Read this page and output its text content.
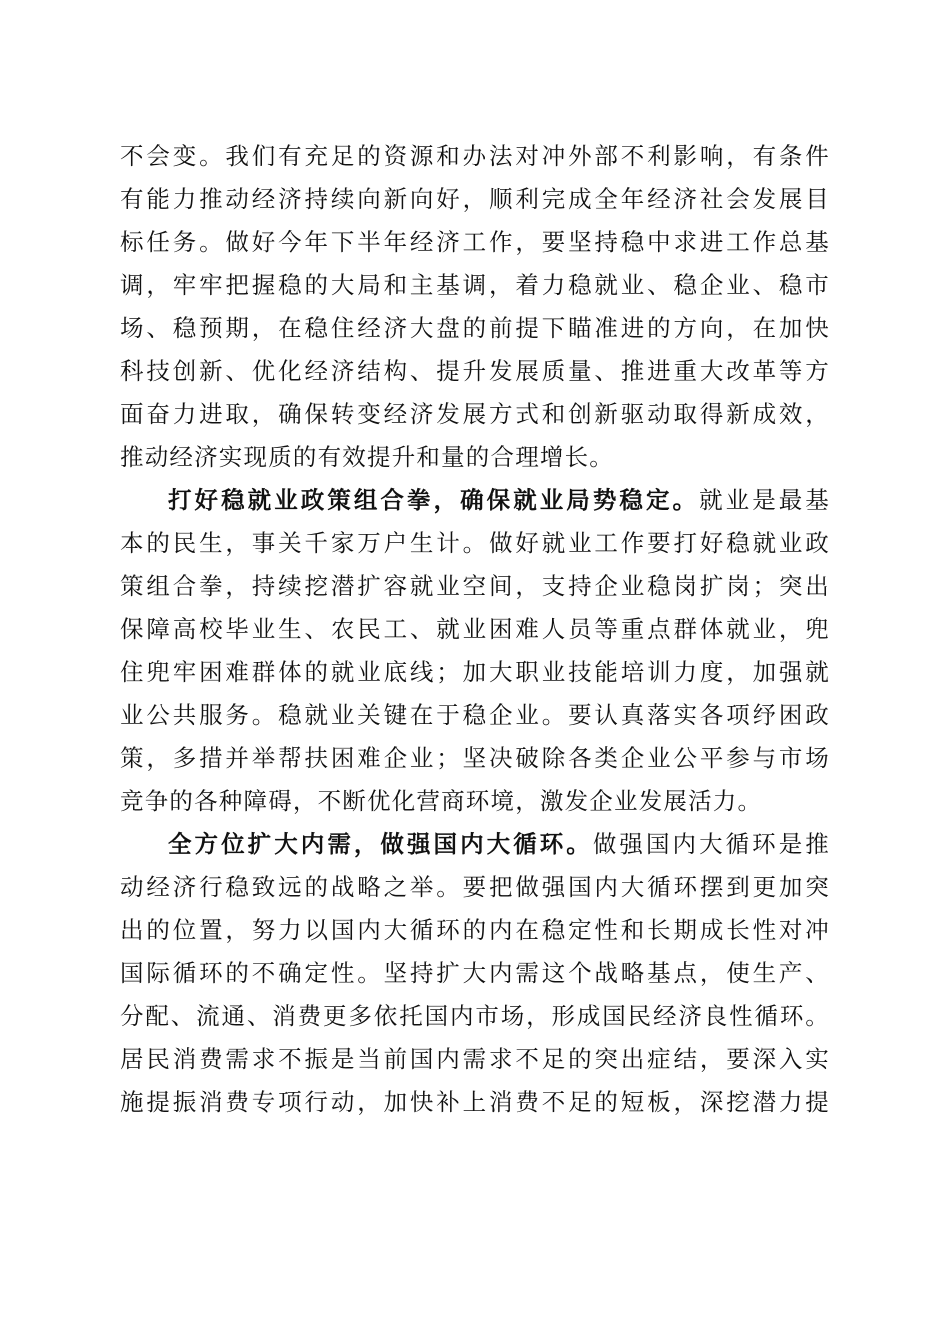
不会变。我们有充足的资源和办法对冲外部不利影响，有条件
有能力推动经济持续向新向好，顺利完成全年经济社会发展目
标任务。做好今年下半年经济工作，要坚持稳中求进工作总基
调，牢牢把握稳的大局和主基调，着力稳就业、稳企业、稳市
场、稳预期，在稳住经济大盘的前提下瞄准进的方向，在加快
科技创新、优化经济结构、提升发展质量、推进重大改革等方
面奋力进取，确保转变经济发展方式和创新驱动取得新成效，
推动经济实现质的有效提升和量的合理增长。
打好稳就业政策组合拳，确保就业局势稳定。就业是最基
本的民生，事关千家万户生计。做好就业工作要打好稳就业政
策组合拳，持续挖潜扩容就业空间，支持企业稳岗扩岗；突出
保障高校毕业生、农民工、就业困难人员等重点群体就业，兜
住兜牢困难群体的就业底线；加大职业技能培训力度，加强就
业公共服务。稳就业关键在于稳企业。要认真落实各项纾困政
策，多措并举帮扶困难企业；坚决破除各类企业公平参与市场
竞争的各种障碍，不断优化营商环境，激发企业发展活力。
全方位扩大内需，做强国内大循环。做强国内大循环是推
动经济行稳致远的战略之举。要把做强国内大循环摆到更加突
出的位置，努力以国内大循环的内在稳定性和长期成长性对冲
国际循环的不确定性。坚持扩大内需这个战略基点，使生产、
分配、流通、消费更多依托国内市场，形成国民经济良性循环。
居民消费需求不振是当前国内需求不足的突出症结，要深入实
施提振消费专项行动，加快补上消费不足的短板，深挖潜力提
